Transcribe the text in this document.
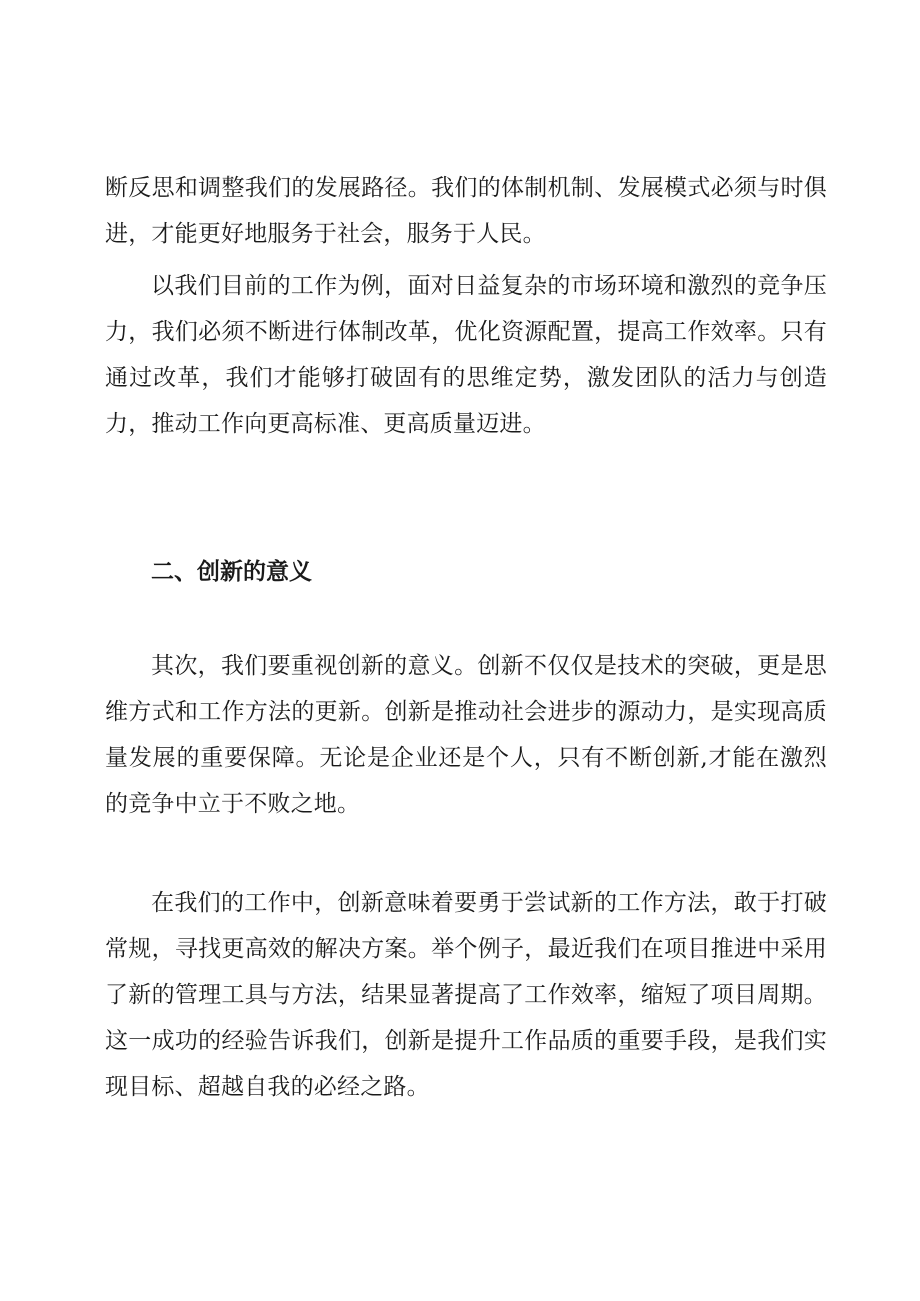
断反思和调整我们的发展路径。我们的体制机制、发展模式必须与时俱进，才能更好地服务于社会，服务于人民。

以我们目前的工作为例，面对日益复杂的市场环境和激烈的竞争压力，我们必须不断进行体制改革，优化资源配置，提高工作效率。只有通过改革，我们才能够打破固有的思维定势，激发团队的活力与创造力，推动工作向更高标准、更高质量迈进。

二、创新的意义

其次，我们要重视创新的意义。创新不仅仅是技术的突破，更是思维方式和工作方法的更新。创新是推动社会进步的源动力，是实现高质量发展的重要保障。无论是企业还是个人，只有不断创新,才能在激烈的竞争中立于不败之地。

在我们的工作中，创新意味着要勇于尝试新的工作方法，敢于打破常规，寻找更高效的解决方案。举个例子，最近我们在项目推进中采用了新的管理工具与方法，结果显著提高了工作效率，缩短了项目周期。这一成功的经验告诉我们，创新是提升工作品质的重要手段，是我们实现目标、超越自我的必经之路。
